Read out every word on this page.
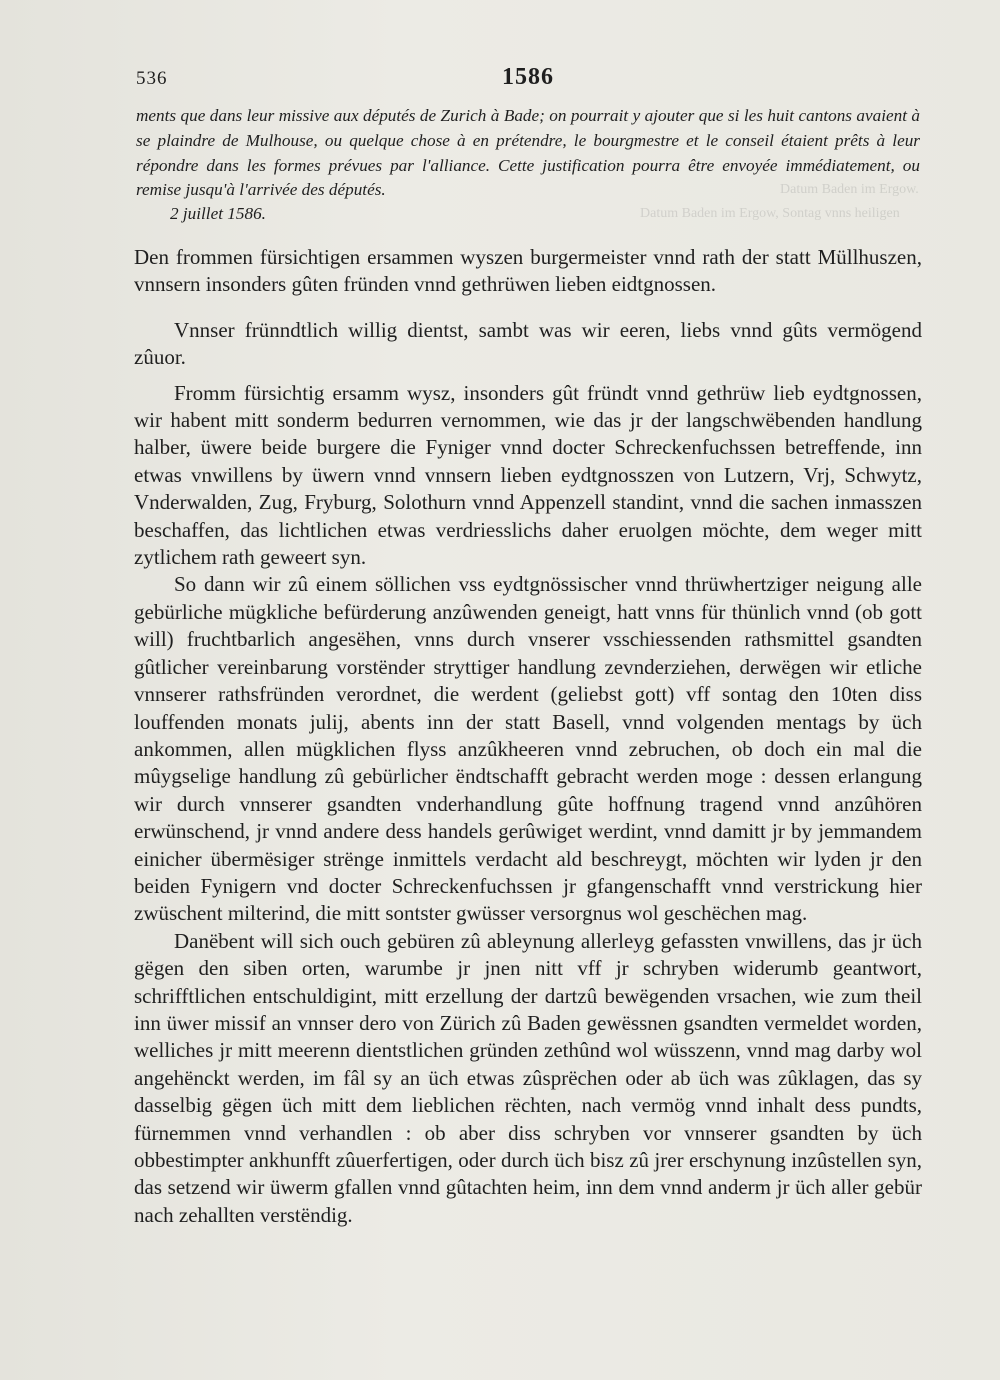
Datum Baden im Ergow.
Datum Baden im Ergow, Sontag vnns heiligen
536	1586
ments que dans leur missive aux députés de Zurich à Bade; on pourrait y ajouter que si les huit cantons avaient à se plaindre de Mulhouse, ou quelque chose à en prétendre, le bourgmestre et le conseil étaient prêts à leur répondre dans les formes prévues par l'alliance. Cette justification pourra être envoyée immédiatement, ou remise jusqu'à l'arrivée des députés.
2 juillet 1586.

Den frommen fürsichtigen ersammen wyszen burgermeister vnnd rath der statt Müllhuszen, vnnsern insonders gûten fründen vnnd gethrüwen lieben eidtgnossen.

Vnnser frünndtlich willig dientst, sambt was wir eeren, liebs vnnd gûts vermögend zûuor.

Fromm fürsichtig ersamm wysz, insonders gût fründt vnnd gethrüw lieb eydtgnossen, wir habent mitt sonderm bedurren vernommen, wie das jr der langschwëbenden handlung halber, üwere beide burgere die Fyniger vnnd docter Schreckenfuchssen betreffende, inn etwas vnwillens by üwern vnnd vnnsern lieben eydtgnosszen von Lutzern, Vrj, Schwytz, Vnderwalden, Zug, Fryburg, Solothurn vnnd Appenzell standint, vnnd die sachen inmasszen beschaffen, das lichtlichen etwas verdriesslichs daher eruolgen möchte, dem weger mitt zytlichem rath geweert syn.

So dann wir zû einem söllichen vss eydtgnössischer vnnd thrüwhertziger neigung alle gebürliche mügkliche befürderung anzûwenden geneigt, hatt vnns für thünlich vnnd (ob gott will) fruchtbarlich angesëhen, vnns durch vnserer vsschiessenden rathsmittel gsandten gûtlicher vereinbarung vorstënder stryttiger handlung zevnderziehen, derwëgen wir etliche vnnserer rathsfründen verordnet, die werdent (geliebst gott) vff sontag den 10ten diss louffenden monats julij, abents inn der statt Basell, vnnd volgenden mentags by üch ankommen, allen mügklichen flyss anzûkheeren vnnd zebruchen, ob doch ein mal die mûygselige handlung zû gebürlicher ëndtschafft gebracht werden moge : dessen erlangung wir durch vnnserer gsandten vnderhandlung gûte hoffnung tragend vnnd anzûhören erwünschend, jr vnnd andere dess handels gerûwiget werdint, vnnd damitt jr by jemmandem einicher übermësiger strënge inmittels verdacht ald beschreygt, möchten wir lyden jr den beiden Fynigern vnd docter Schreckenfuchssen jr gfangenschafft vnnd verstrickung hier zwüschent milterind, die mitt sontster gwüsser versorgnus wol geschëchen mag.

Danëbent will sich ouch gebüren zû ableynung allerleyg gefassten vnwillens, das jr üch gëgen den siben orten, warumbe jr jnen nitt vff jr schryben widerumb geantwort, schrifftlichen entschuldigint, mitt erzellung der dartzû bewëgenden vrsachen, wie zum theil inn üwer missif an vnnser dero von Zürich zû Baden gewëssnen gsandten vermeldet worden, welliches jr mitt meerenn dientstlichen gründen zethûnd wol wüsszenn, vnnd mag darby wol angehënckt werden, im fâl sy an üch etwas zûsprëchen oder ab üch was zûklagen, das sy dasselbig gëgen üch mitt dem lieblichen rëchten, nach vermög vnnd inhalt dess pundts, fürnemmen vnnd verhandlen : ob aber diss schryben vor vnnserer gsandten by üch obbestimpter ankhunfft zûuerfertigen, oder durch üch bisz zû jrer erschynung inzûstellen syn, das setzend wir üwerm gfallen vnnd gûtachten heim, inn dem vnnd anderm jr üch aller gebür nach zehallten verstëndig.
